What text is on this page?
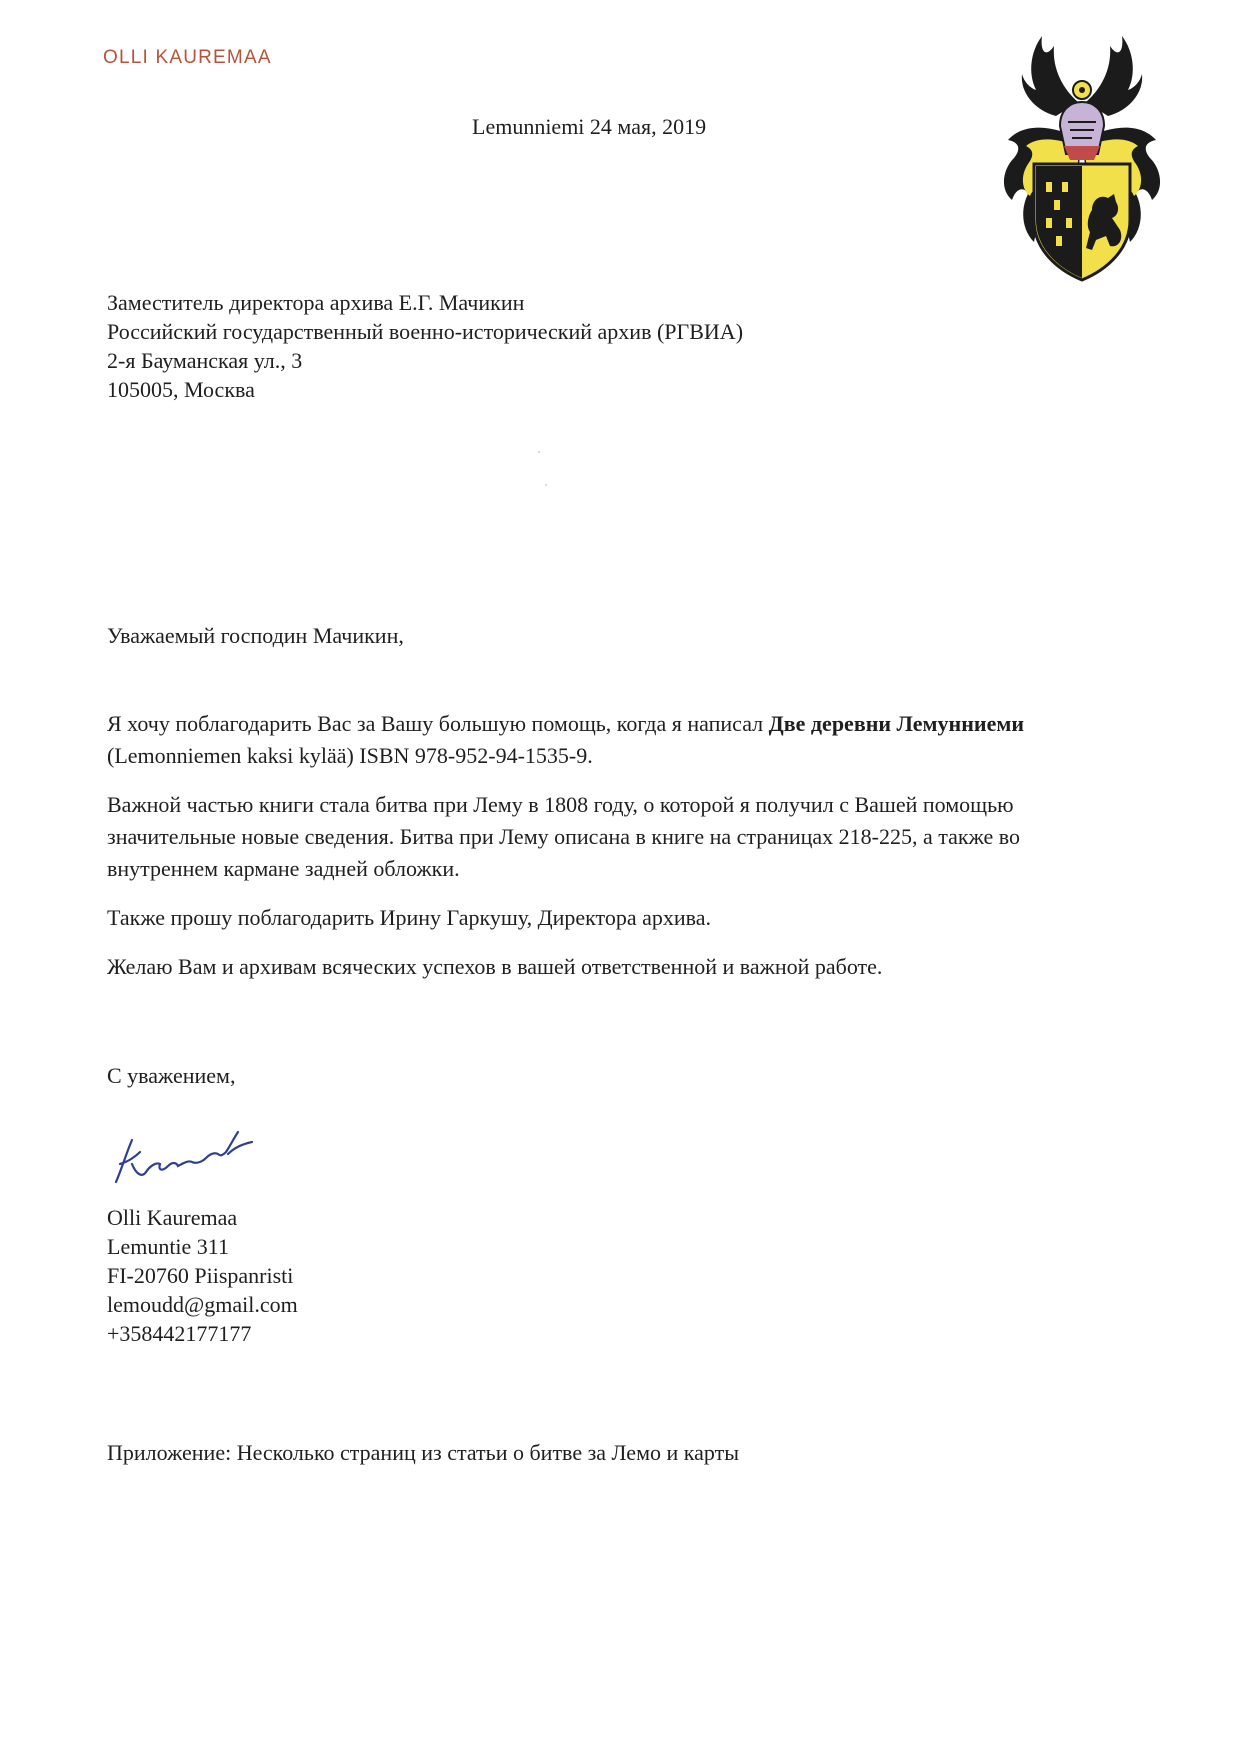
OLLI KAUREMAA
Lemunniemi 24 мая, 2019
Заместитель директора архива Е.Г. Мачикин
Российский государственный военно-исторический архив (РГВИА)
2-я Бауманская ул., 3
105005, Москва
Уважаемый господин Мачикин,

Я хочу поблагодарить Вас за Вашу большую помощь, когда я написал Две деревни Лемунниеми (Lemonniemen kaksi kylää) ISBN 978-952-94-1535-9.

Важной частью книги стала битва при Лему в 1808 году, о которой я получил с Вашей помощью значительные новые сведения. Битва при Лему описана в книге на страницах 218-225, а также во внутреннем кармане задней обложки.

Также прошу поблагодарить Ирину Гаркушу, Директора архива.

Желаю Вам и архивам всяческих успехов в вашей ответственной и важной работе.

С уважением,
Olli Kauremaa
Lemuntie 311
FI-20760 Piispanristi
lemoudd@gmail.com
+358442177177
Приложение: Несколько страниц из статьи о битве за Лемо и карты
